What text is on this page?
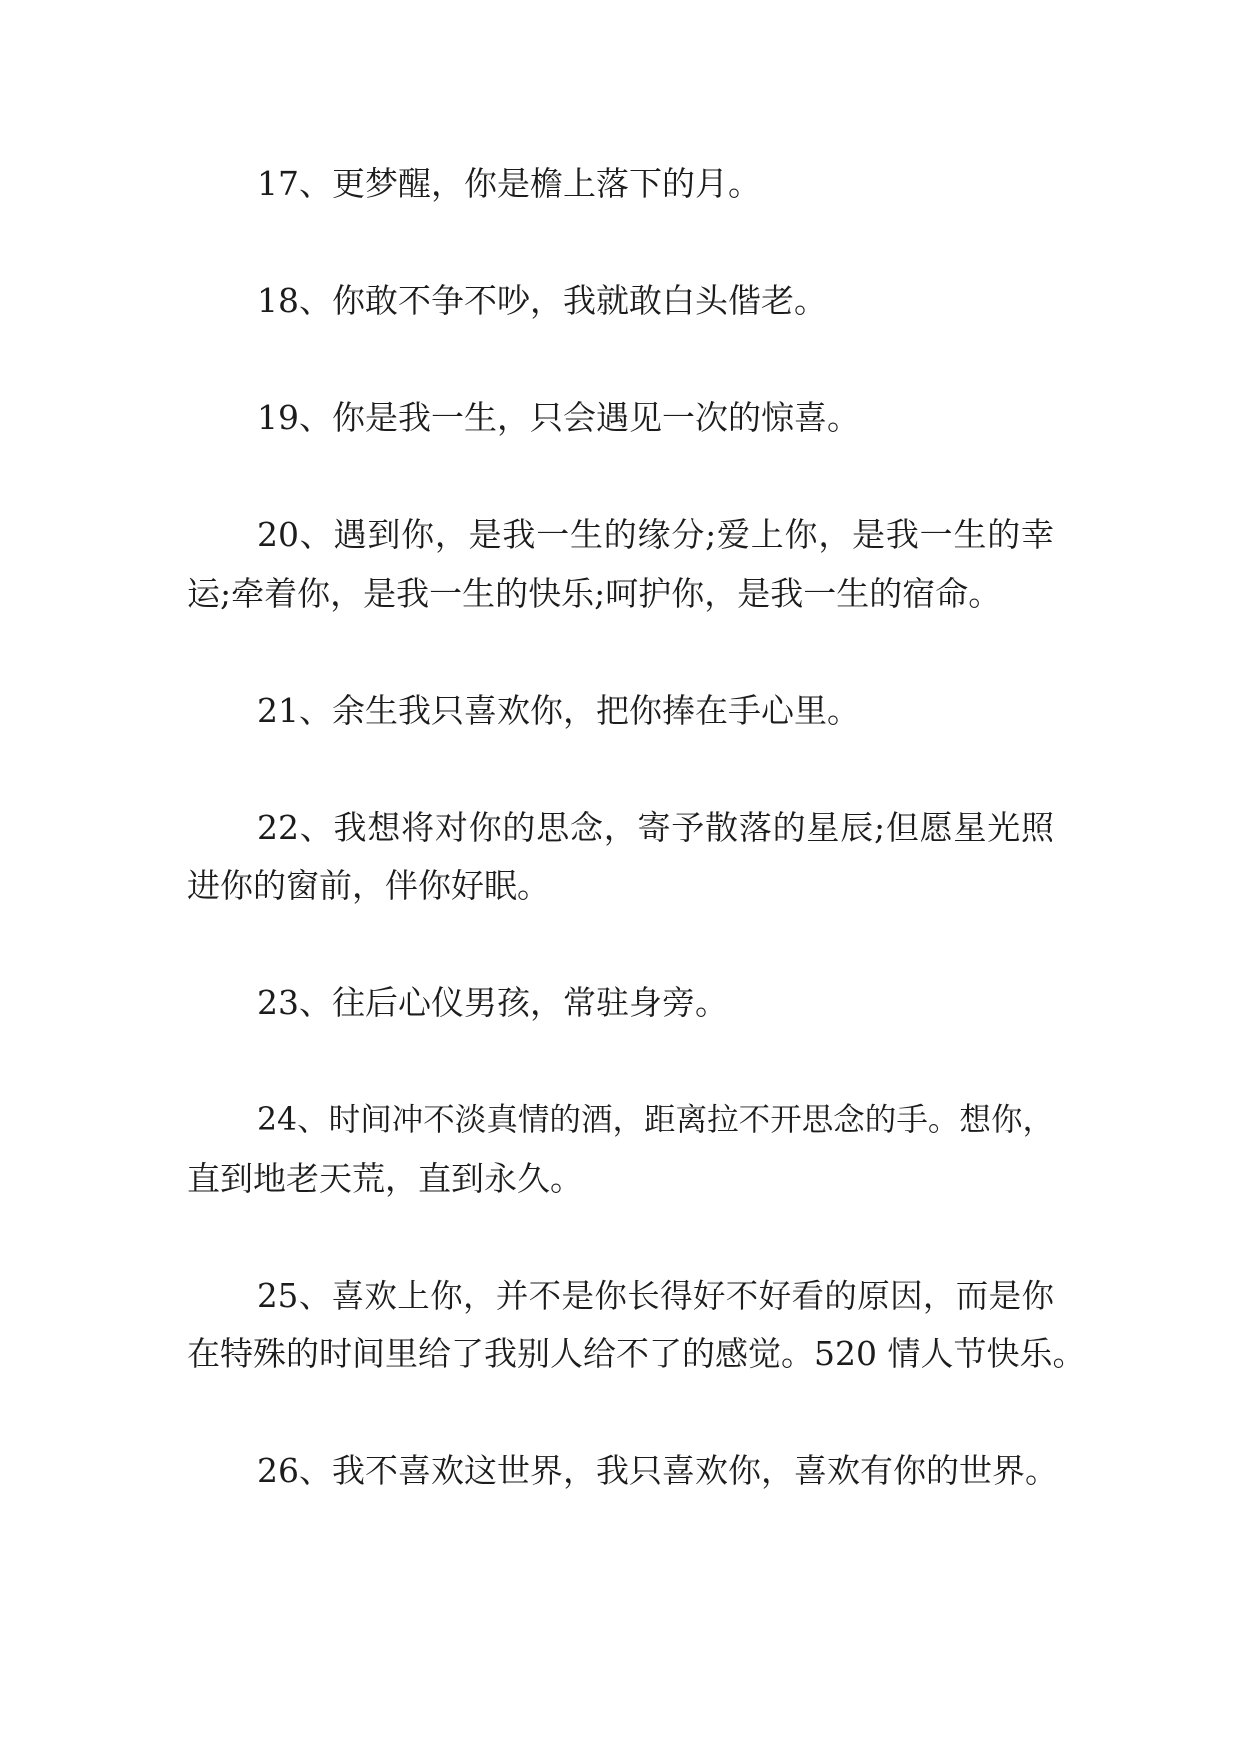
17、更梦醒，你是檐上落下的月。
18、你敢不争不吵，我就敢白头偕老。
19、你是我一生，只会遇见一次的惊喜。
20、遇到你，是我一生的缘分;爱上你，是我一生的幸
运;牵着你，是我一生的快乐;呵护你，是我一生的宿命。
21、余生我只喜欢你，把你捧在手心里。
22、我想将对你的思念，寄予散落的星辰;但愿星光照
进你的窗前，伴你好眠。
23、往后心仪男孩，常驻身旁。
24、时间冲不淡真情的酒，距离拉不开思念的手。想你，
直到地老天荒，直到永久。
25、喜欢上你，并不是你长得好不好看的原因，而是你
在特殊的时间里给了我别人给不了的感觉。520 情人节快乐。
26、我不喜欢这世界，我只喜欢你，喜欢有你的世界。
